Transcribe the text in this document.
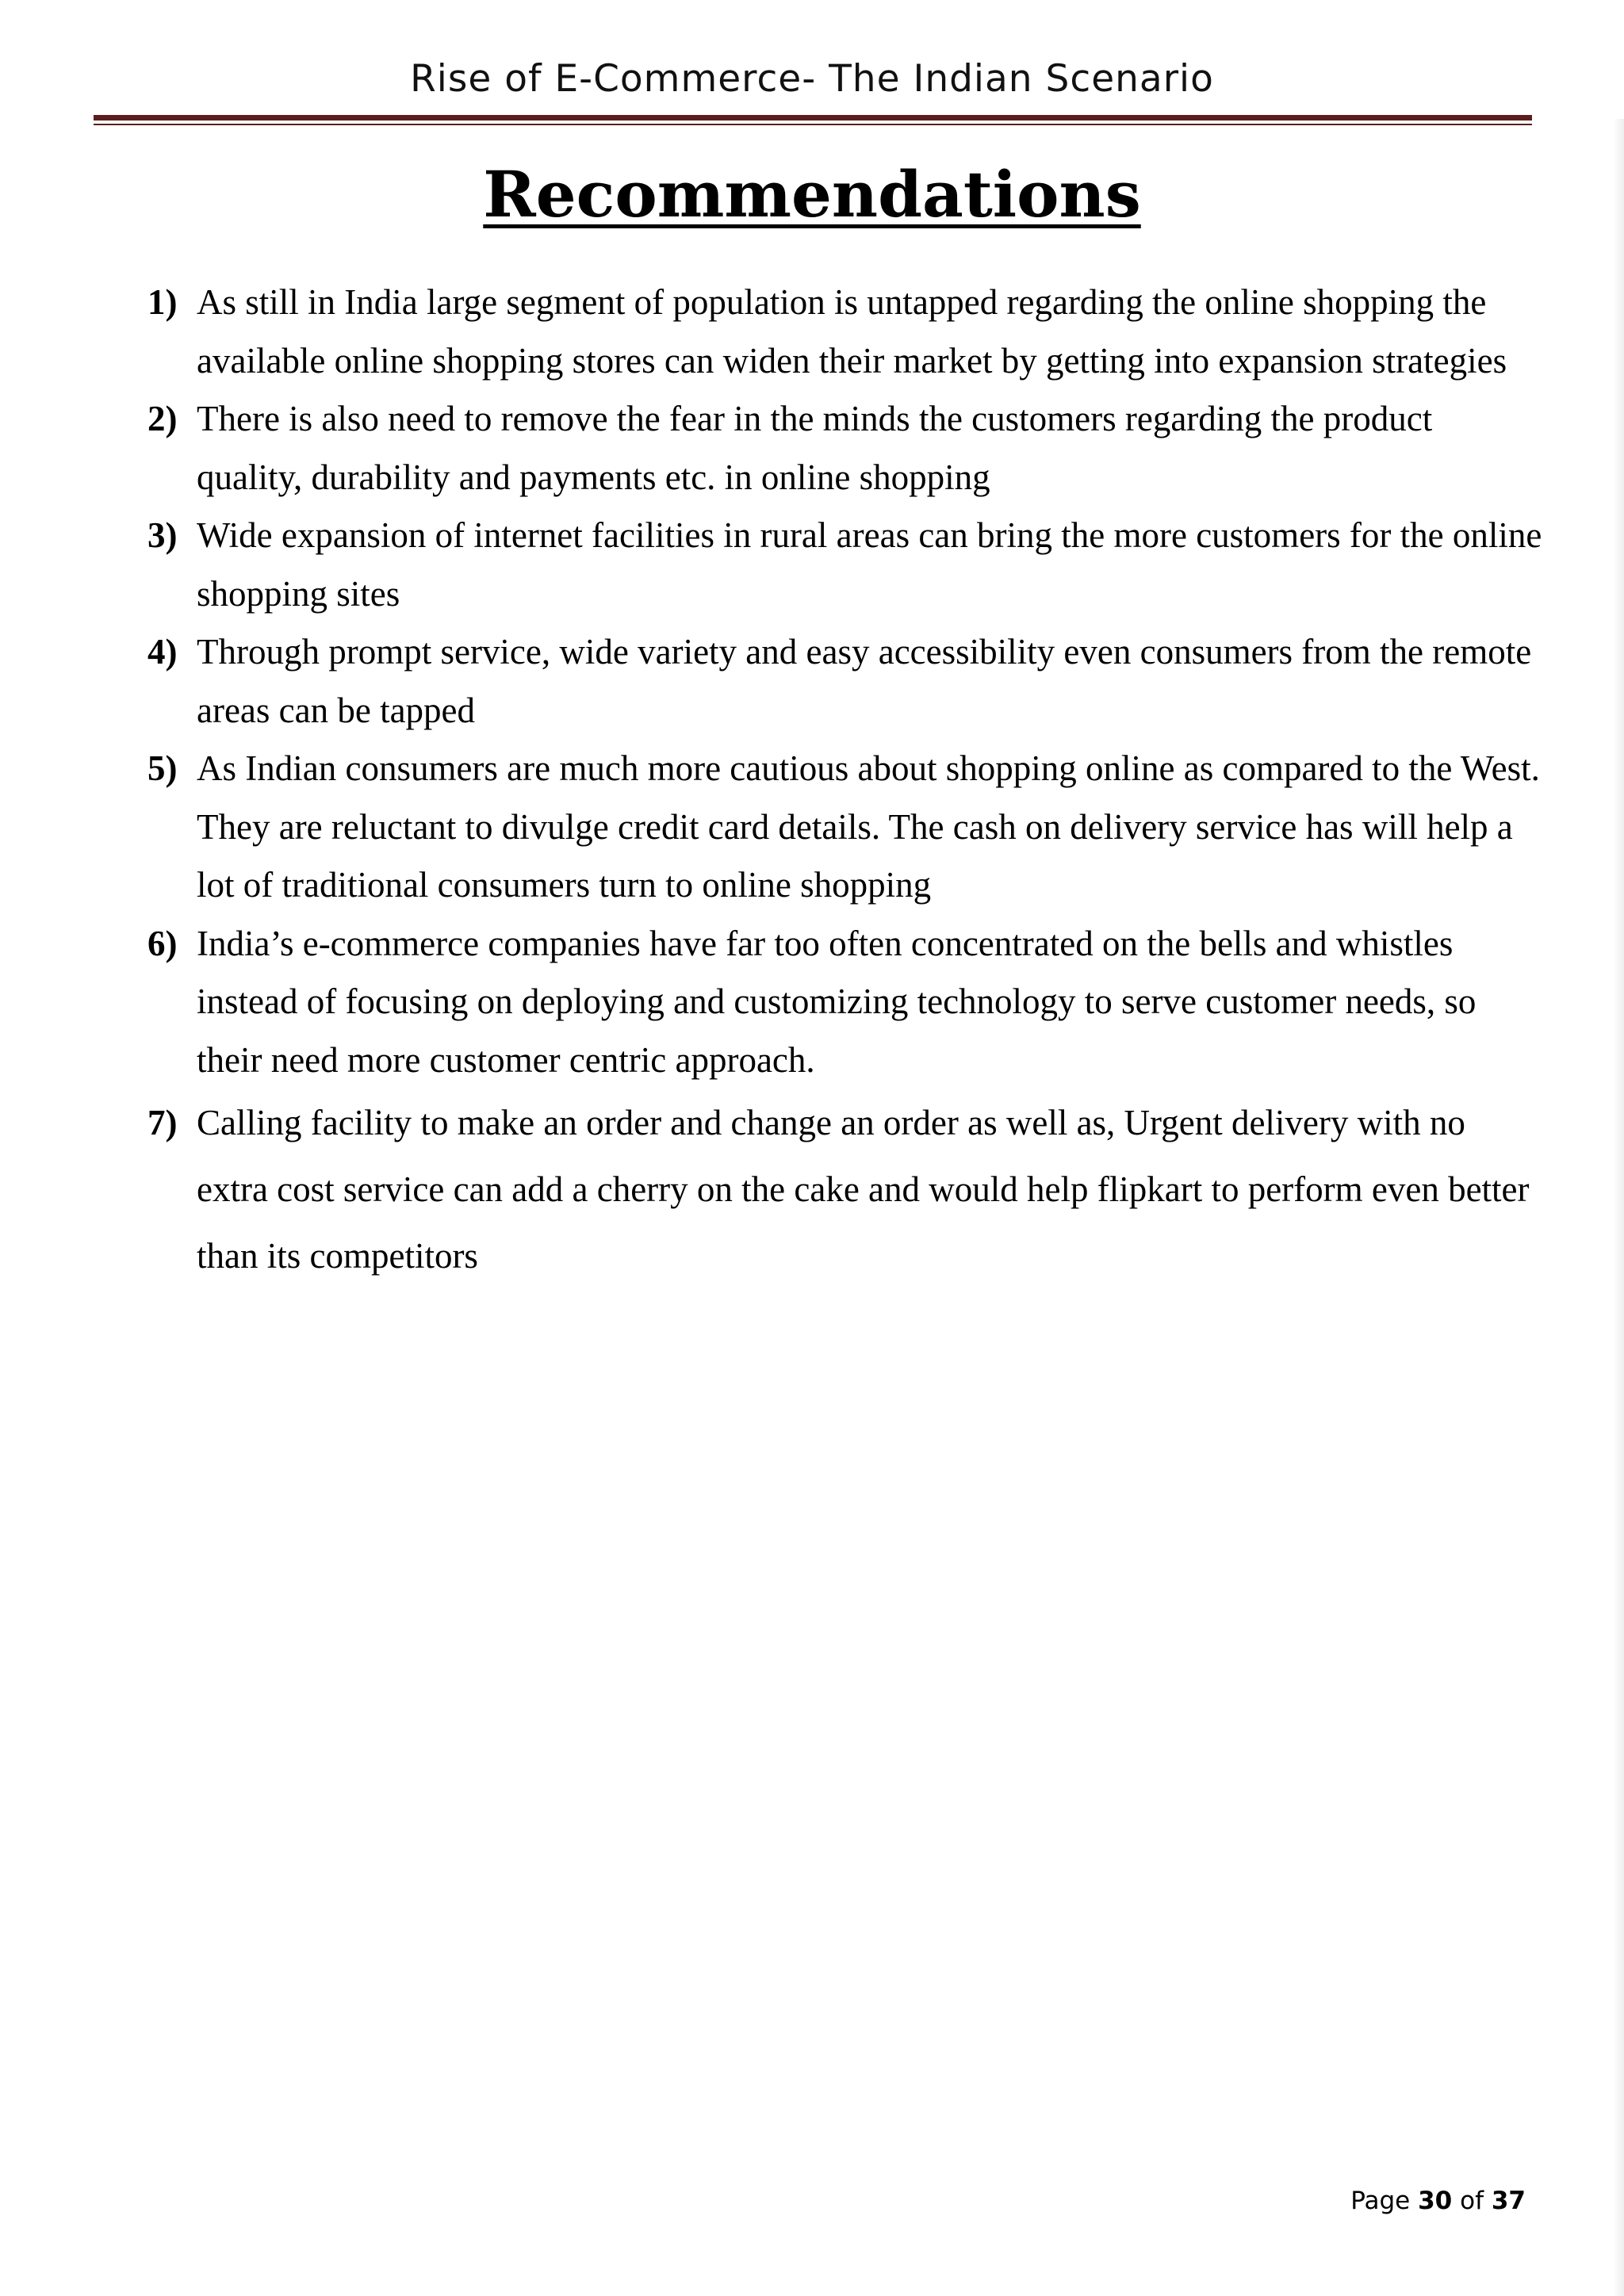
Rise of E-Commerce- The Indian Scenario
Recommendations
1) As still in India large segment of population is untapped regarding the online shopping the available online shopping stores can widen their market by getting into expansion strategies
2) There is also need to remove the fear in the minds the customers regarding the product quality, durability and payments etc. in online shopping
3) Wide expansion of internet facilities in rural areas can bring the more customers for the online shopping sites
4) Through prompt service, wide variety and easy accessibility even consumers from the remote areas can be tapped
5) As Indian consumers are much more cautious about shopping online as compared to the West. They are reluctant to divulge credit card details. The cash on delivery service has will help a lot of traditional consumers turn to online shopping
6) India’s e-commerce companies have far too often concentrated on the bells and whistles instead of focusing on deploying and customizing technology to serve customer needs, so their need more customer centric approach.
7) Calling facility to make an order and change an order as well as, Urgent delivery with no extra cost service can add a cherry on the cake and would help flipkart to perform even better than its competitors
Page 30 of 37
